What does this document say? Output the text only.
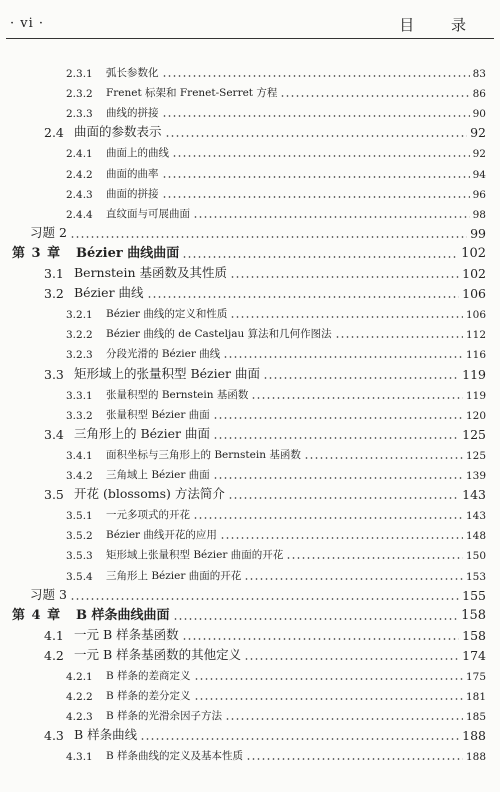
· vi ·	目 录
2.3.1	弧长参数化	83
2.3.2	Frenet 标架和 Frenet-Serret 方程	86
2.3.3	曲线的拼接	90
2.4 曲面的参数表示	92
2.4.1	曲面上的曲线	92
2.4.2	曲面的曲率	94
2.4.3	曲面的拼接	96
2.4.4	直纹面与可展曲面	98
习题 2	99
第 3 章	Bézier 曲线曲面	102
3.1 Bernstein 基函数及其性质	102
3.2 Bézier 曲线	106
3.2.1	Bézier 曲线的定义和性质	106
3.2.2	Bézier 曲线的 de Casteljau 算法和几何作图法	112
3.2.3	分段光滑的 Bézier 曲线	116
3.3 矩形域上的张量积型 Bézier 曲面	119
3.3.1	张量积型的 Bernstein 基函数	119
3.3.2	张量积型 Bézier 曲面	120
3.4 三角形上的 Bézier 曲面	125
3.4.1	面积坐标与三角形上的 Bernstein 基函数	125
3.4.2	三角域上 Bézier 曲面	139
3.5 开花 (blossoms) 方法简介	143
3.5.1	一元多项式的开花	143
3.5.2	Bézier 曲线开花的应用	148
3.5.3	矩形域上张量积型 Bézier 曲面的开花	150
3.5.4	三角形上 Bézier 曲面的开花	153
习题 3	155
第 4 章	B 样条曲线曲面	158
4.1 一元 B 样条基函数	158
4.2 一元 B 样条基函数的其他定义	174
4.2.1	B 样条的差商定义	175
4.2.2	B 样条的差分定义	181
4.2.3	B 样条的光滑余因子方法	185
4.3 B 样条曲线	188
4.3.1	B 样条曲线的定义及基本性质	188
